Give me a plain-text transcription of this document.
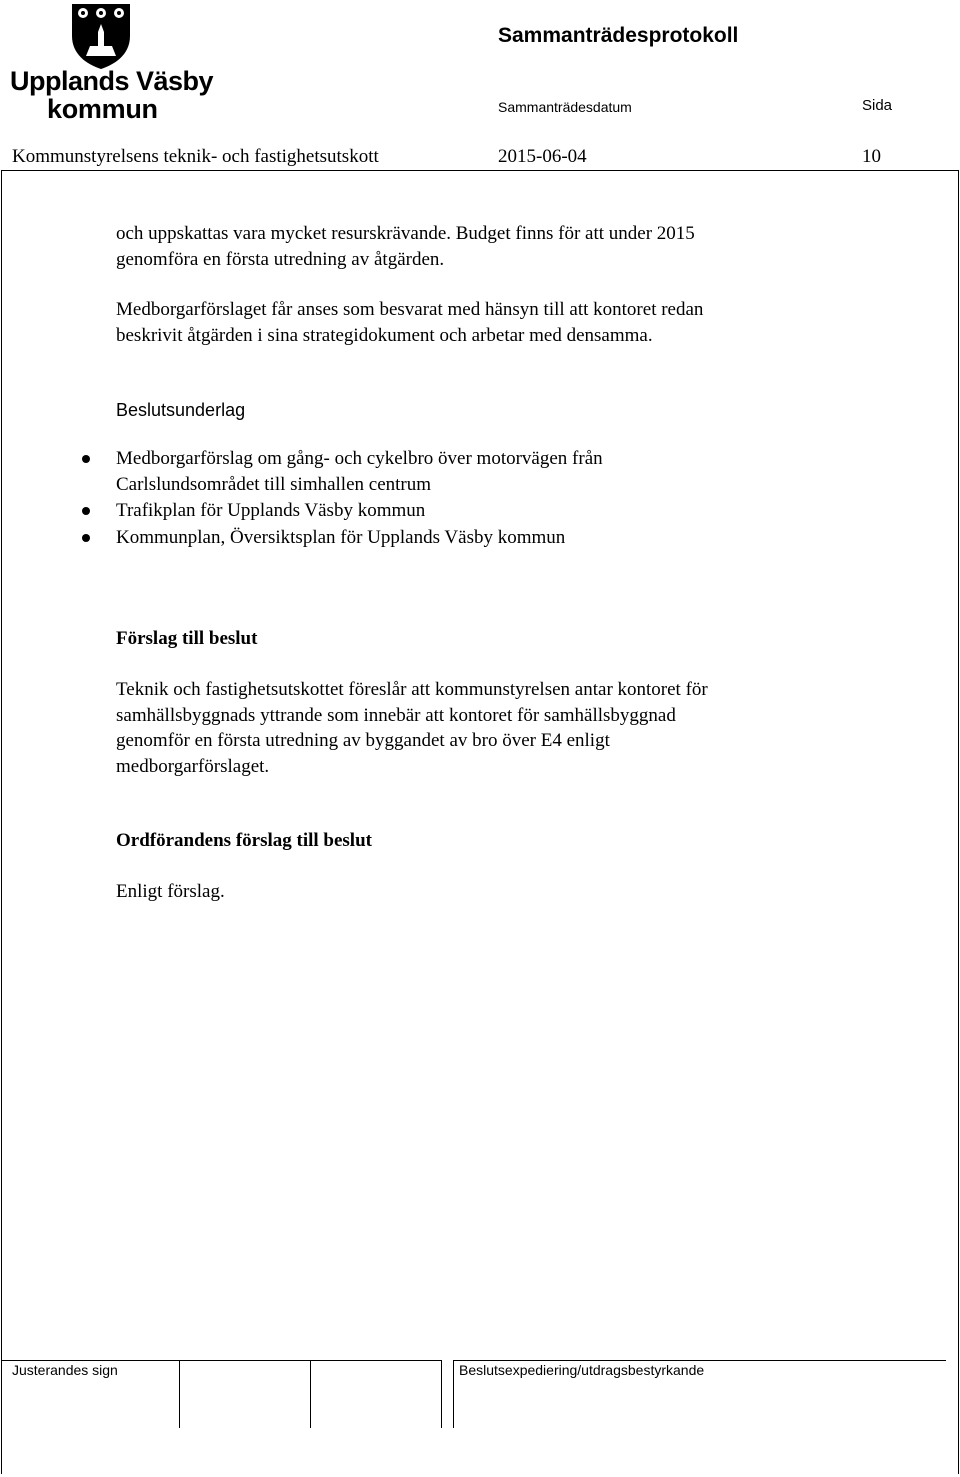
Upplands Väsby
kommun
Sammanträdesprotokoll
Sammanträdesdatum	Sida
Kommunstyrelsens teknik- och fastighetsutskott	2015-06-04	10
och uppskattas vara mycket resurskrävande. Budget finns för att under 2015
genomföra en första utredning av åtgärden.
Medborgarförslaget får anses som besvarat med hänsyn till att kontoret redan
beskrivit åtgärden i sina strategidokument och arbetar med densamma.
Beslutsunderlag
Medborgarförslag om gång- och cykelbro över motorvägen från
Carlslundsområdet till simhallen centrum
Trafikplan för Upplands Väsby kommun
Kommunplan, Översiktsplan för Upplands Väsby kommun
Förslag till beslut
Teknik och fastighetsutskottet föreslår att kommunstyrelsen antar kontoret för
samhällsbyggnads yttrande som innebär att kontoret för samhällsbyggnad
genomför en första utredning av byggandet av bro över E4 enligt
medborgarförslaget.
Ordförandens förslag till beslut
Enligt förslag.
Justerandes sign	Beslutsexpediering/utdragsbestyrkande
